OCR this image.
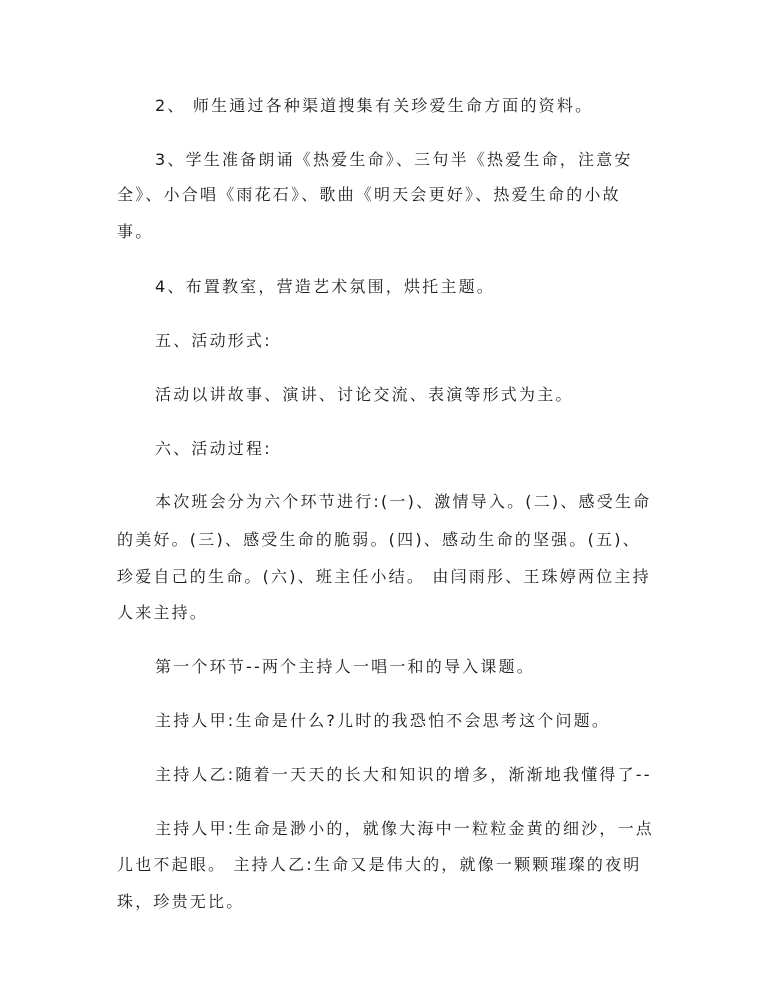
2、 师生通过各种渠道搜集有关珍爱生命方面的资料。
3、学生准备朗诵《热爱生命》、三句半《热爱生命，注意安
全》、小合唱《雨花石》、歌曲《明天会更好》、热爱生命的小故
事。
4、布置教室，营造艺术氛围，烘托主题。
五、活动形式:
活动以讲故事、演讲、讨论交流、表演等形式为主。
六、活动过程:
本次班会分为六个环节进行:(一)、激情导入。(二)、感受生命
的美好。(三)、感受生命的脆弱。(四)、感动生命的坚强。(五)、
珍爱自己的生命。(六)、班主任小结。 由闫雨彤、王珠婷两位主持
人来主持。
第一个环节--两个主持人一唱一和的导入课题。
主持人甲:生命是什么?儿时的我恐怕不会思考这个问题。
主持人乙:随着一天天的长大和知识的增多，渐渐地我懂得了--
主持人甲:生命是渺小的，就像大海中一粒粒金黄的细沙，一点
儿也不起眼。 主持人乙:生命又是伟大的，就像一颗颗璀璨的夜明
珠，珍贵无比。
